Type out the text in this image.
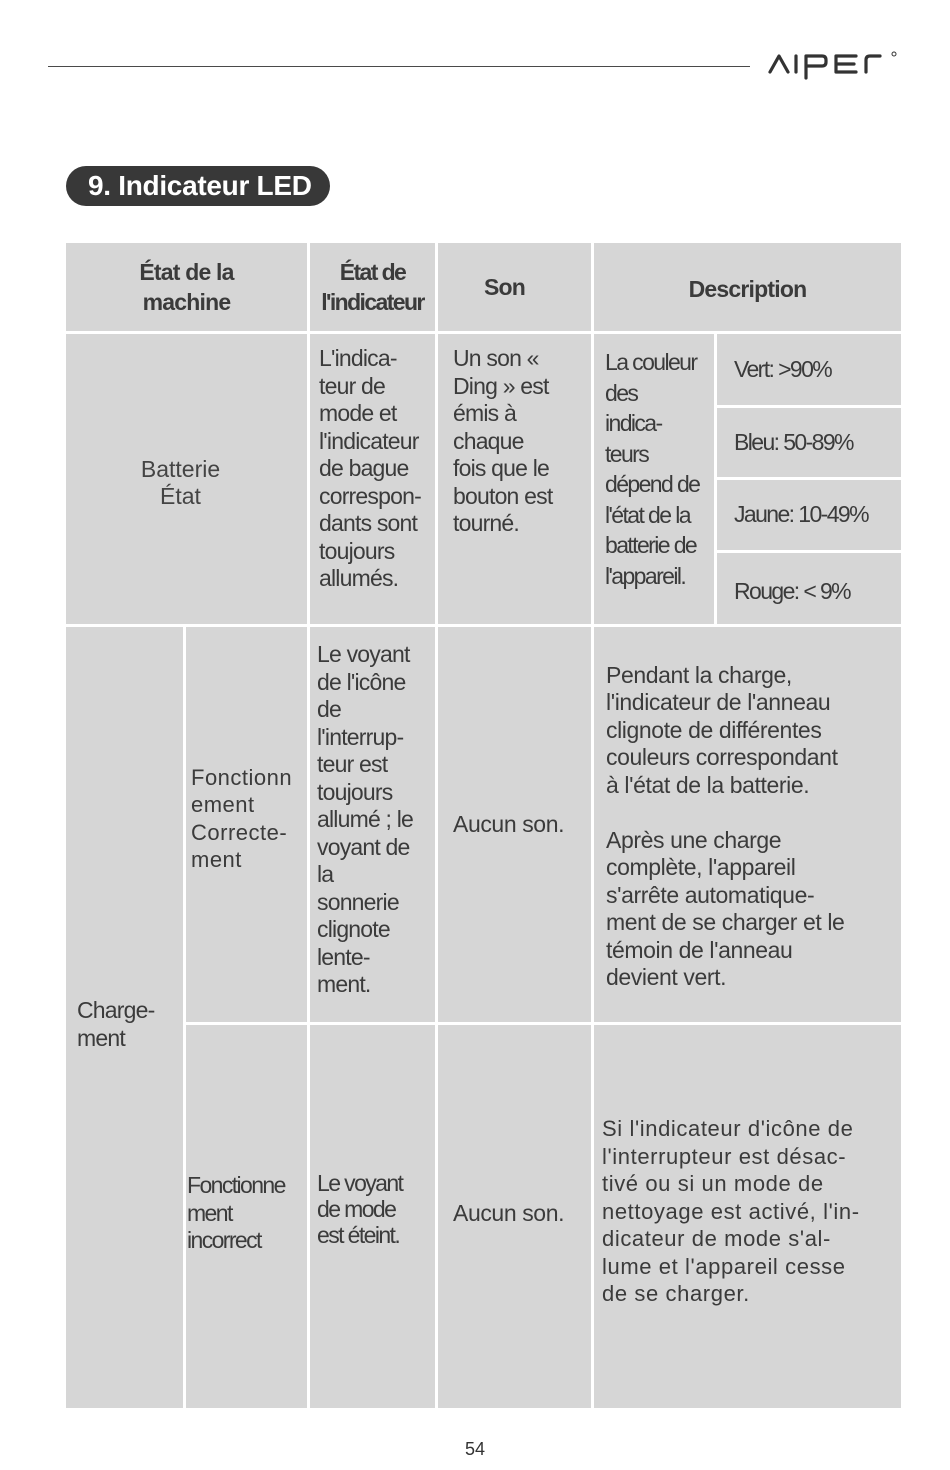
9. Indicateur LED
État de la
machine
État de
l'indicateur
Son	Description
Batterie
État
L'indica-
teur de
mode et
l'indicateur
de bague
correspon-
dants sont
toujours
allumés.
Un son «
Ding » est
émis à
chaque
fois que le
bouton est
tourné.
La couleur
des
indica-
teurs
dépend de
l'état de la
batterie de
l'appareil.
Vert: >90%
Bleu: 50-89%
Jaune: 10-49%
Rouge: < 9%
Charge-
ment
Fonctionn
ement
Correcte-
ment
Le voyant
de l'icône
de
l'interrup-
teur est
toujours
allumé ; le
voyant de
la
sonnerie
clignote
lente-
ment.
Aucun son.
Pendant la charge,
l'indicateur de l'anneau
clignote de différentes
couleurs correspondant
à l'état de la batterie.

Après une charge
complète, l'appareil
s'arrête automatique-
ment de se charger et le
témoin de l'anneau
devient vert.
Fonctionne
ment
incorrect
Le voyant
de mode
est éteint.
Aucun son.
Si l'indicateur d'icône de
l'interrupteur est désac-
tivé ou si un mode de
nettoyage est activé, l'in-
dicateur de mode s'al-
lume et l'appareil cesse
de se charger.
54
